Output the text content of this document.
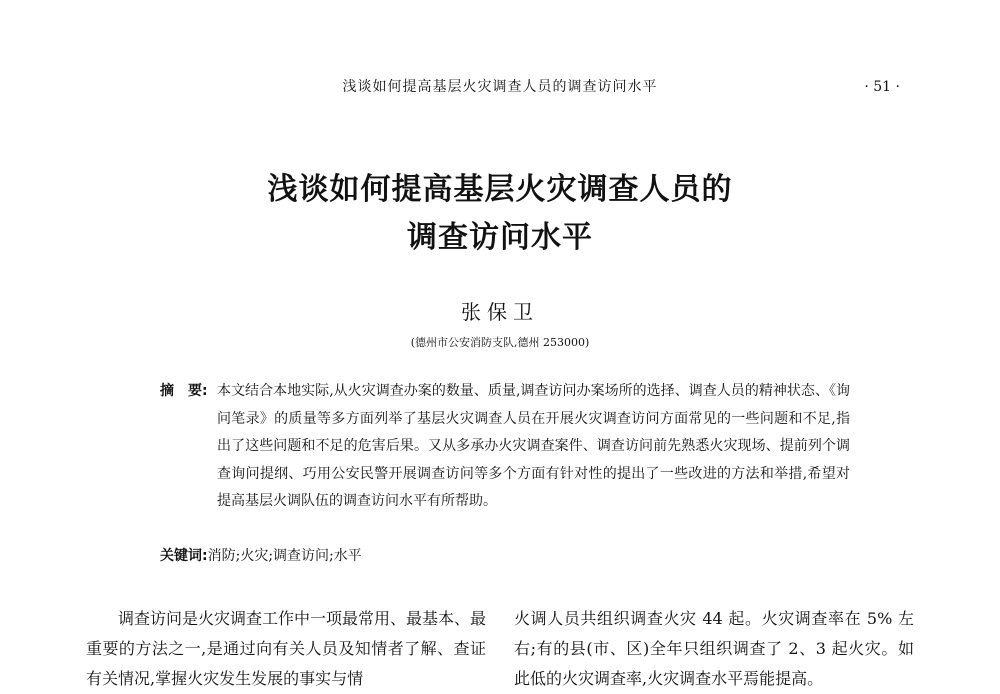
浅谈如何提高基层火灾调查人员的调查访问水平	· 51 ·
浅谈如何提高基层火灾调查人员的
调查访问水平
张保卫
(德州市公安消防支队,德州 253000)
摘　要: 本文结合本地实际,从火灾调查办案的数量、质量,调查访问办案场所的选择、调查人员的精神状态、《询问笔录》的质量等多方面列举了基层火灾调查人员在开展火灾调查访问方面常见的一些问题和不足,指出了这些问题和不足的危害后果。又从多承办火灾调查案件、调查访问前先熟悉火灾现场、提前列个调查询问提纲、巧用公安民警开展调查访问等多个方面有针对性的提出了一些改进的方法和举措,希望对提高基层火调队伍的调查访问水平有所帮助。
关键词:消防;火灾;调查访问;水平
调查访问是火灾调查工作中一项最常用、最基本、最重要的方法之一,是通过向有关人员及知情者了解、查证有关情况,掌握火灾发生发展的事实与情
火调人员共组织调查火灾 44 起。火灾调查率在 5% 左右;有的县(市、区)全年只组织调查了 2、3 起火灾。如此低的火灾调查率,火灾调查水平焉能提高。
